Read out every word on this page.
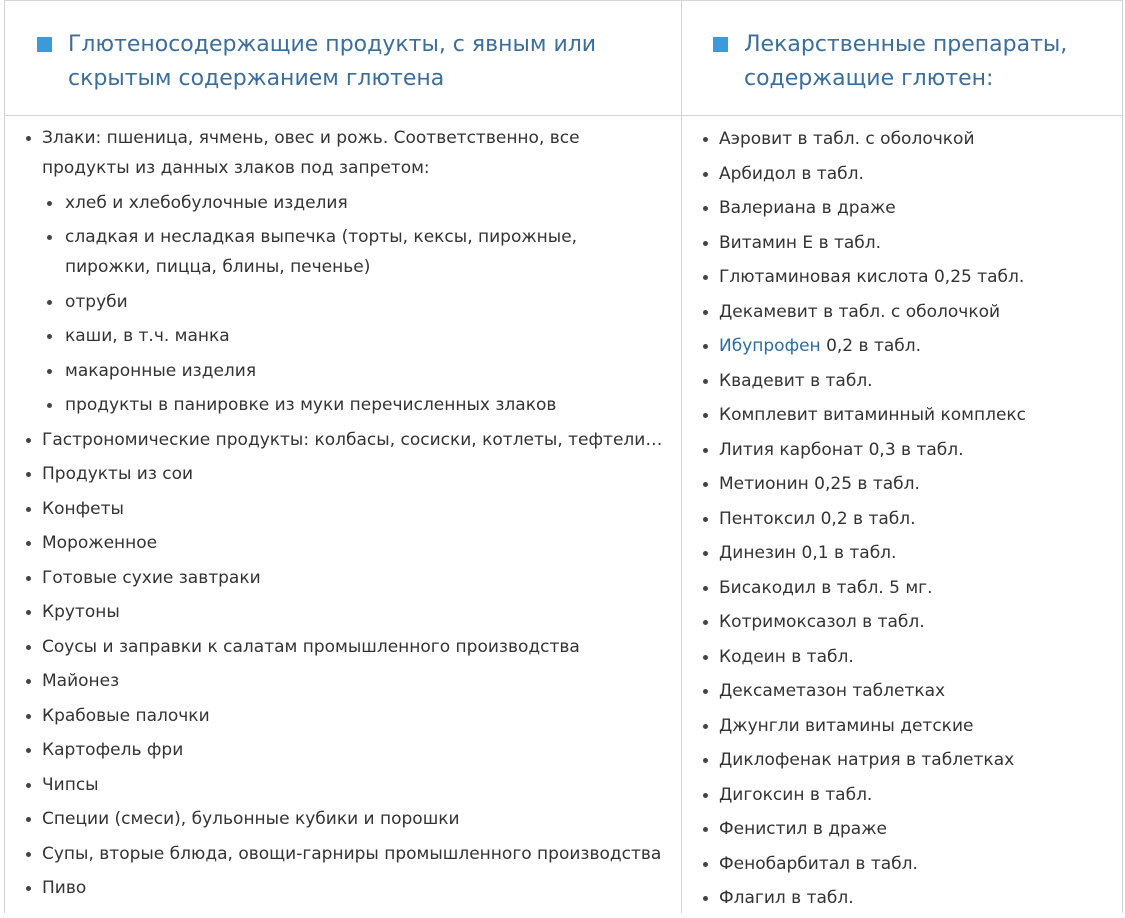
Глютеносодержащие продукты, с явным или скрытым содержанием глютена
Лекарственные препараты, содержащие глютен:
Злаки: пшеница, ячмень, овес и рожь. Соответственно, все продукты из данных злаков под запретом:
хлеб и хлебобулочные изделия
сладкая и несладкая выпечка (торты, кексы, пирожные, пирожки, пицца, блины, печенье)
отруби
каши, в т.ч. манка
макаронные изделия
продукты в панировке из муки перечисленных злаков
Гастрономические продукты: колбасы, сосиски, котлеты, тефтели…
Продукты из сои
Конфеты
Мороженное
Готовые сухие завтраки
Крутоны
Соусы и заправки к салатам промышленного производства
Майонез
Крабовые палочки
Картофель фри
Чипсы
Специи (смеси), бульонные кубики и порошки
Супы, вторые блюда, овощи-гарниры промышленного производства
Пиво
Аэровит в табл. с оболочкой
Арбидол в табл.
Валериана в драже
Витамин Е в табл.
Глютаминовая кислота 0,25 табл.
Декамевит в табл. с оболочкой
Ибупрофен 0,2 в табл.
Квадевит в табл.
Комплевит витаминный комплекс
Лития карбонат 0,3 в табл.
Метионин 0,25 в табл.
Пентоксил 0,2 в табл.
Динезин 0,1 в табл.
Бисакодил в табл. 5 мг.
Котримоксазол в табл.
Кодеин в табл.
Дексаметазон таблетках
Джунгли витамины детские
Диклофенак натрия в таблетках
Дигоксин в табл.
Фенистил в драже
Фенобарбитал в табл.
Флагил в табл.
